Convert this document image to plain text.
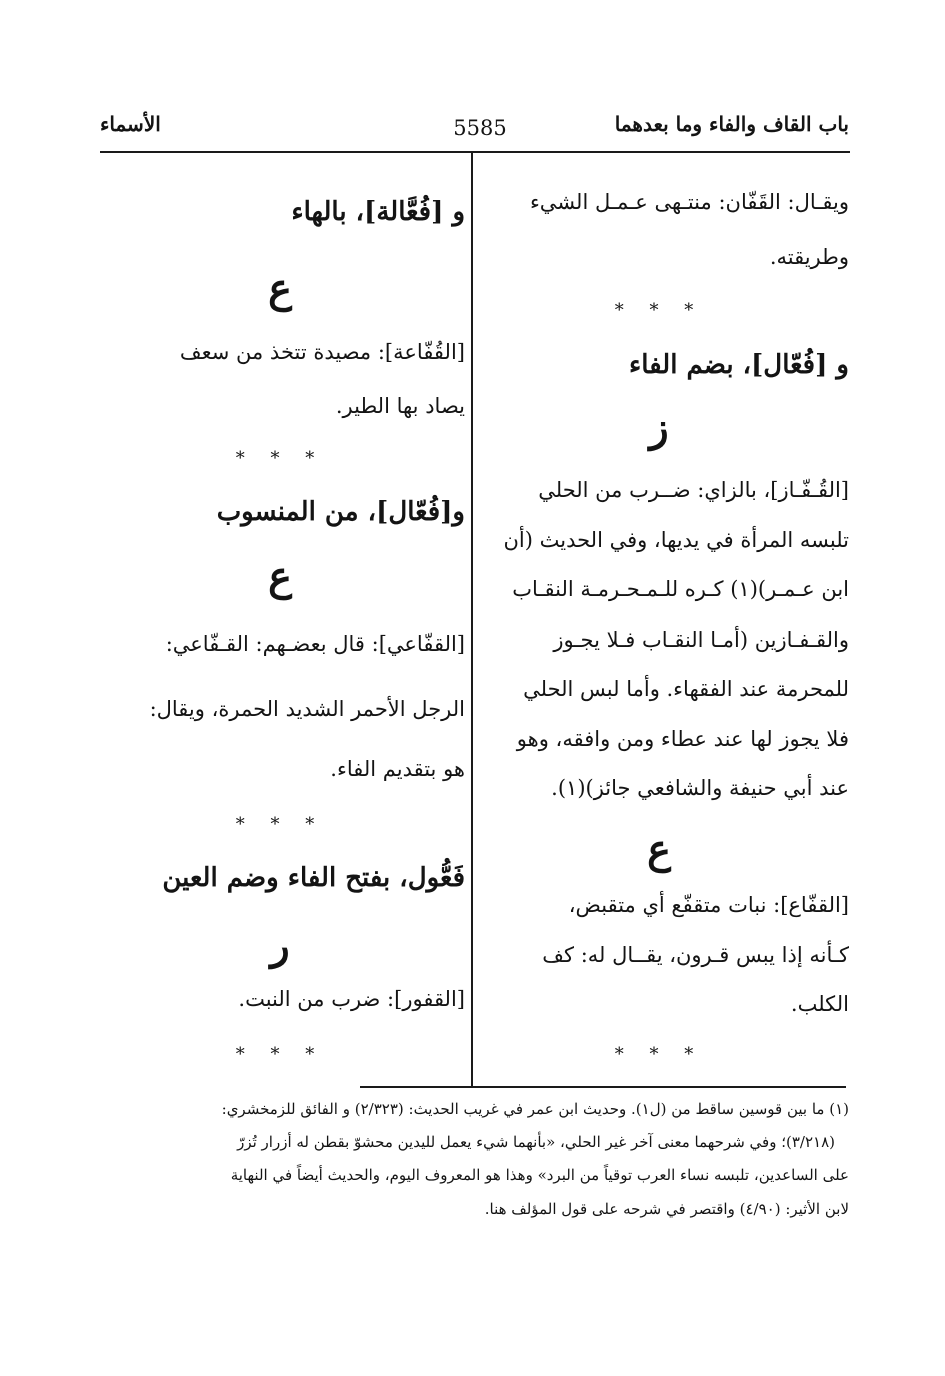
باب القاف والفاء وما بعدهما
5585
الأسماء
ويقـال: القَفّان: منتـهى عـمـل الشيء
وطريقته.
* * *
و [فُعّال]، بضم الفاء
ز
[القُـفّـاز]، بالزاي: ضــرب من الحلي
تلبسه المرأة في يديها، وفي الحديث (أن
ابن عـمـر)(١) كـره للـمـحـرمـة النقـاب
والقـفـازين (أمـا النقـاب فـلا يجـوز
للمحرمة عند الفقهاء. وأما لبس الحلي
فلا يجوز لها عند عطاء ومن وافقه، وهو
عند أبي حنيفة والشافعي جائز)(١).
ع
[القفّاع]: نبات متقفّع أي متقبض،
كـأنه إذا يبس قـرون، يقــال له: كف
الكلب.
* * *
و [فُعَّالة]، بالهاء
ع
[القُفّاعة]: مصيدة تتخذ من سعف
يصاد بها الطير.
* * *
و[فُعّال]، من المنسوب
ع
[القفّاعي]: قال بعضـهم: القـفّاعي:
الرجل الأحمر الشديد الحمرة، ويقال:
هو بتقديم الفاء.
* * *
فَعُّول، بفتح الفاء وضم العين
ر
[القفور]: ضرب من النبت.
* * *
(١) ما بين قوسين ساقط من (ل١). وحديث ابن عمر في غريب الحديث: (٢/٣٢٣) و الفائق للزمخشري:
(٣/٢١٨)؛ وفي شرحهما معنى آخر غير الحلي، «بأنهما شيء يعمل لليدين محشوّ بقطن له أزرار تُزرّ
على الساعدين، تلبسه نساء العرب توقياً من البرد» وهذا هو المعروف اليوم، والحديث أيضاً في النهاية
لابن الأثير: (٤/٩٠) واقتصر في شرحه على قول المؤلف هنا.
